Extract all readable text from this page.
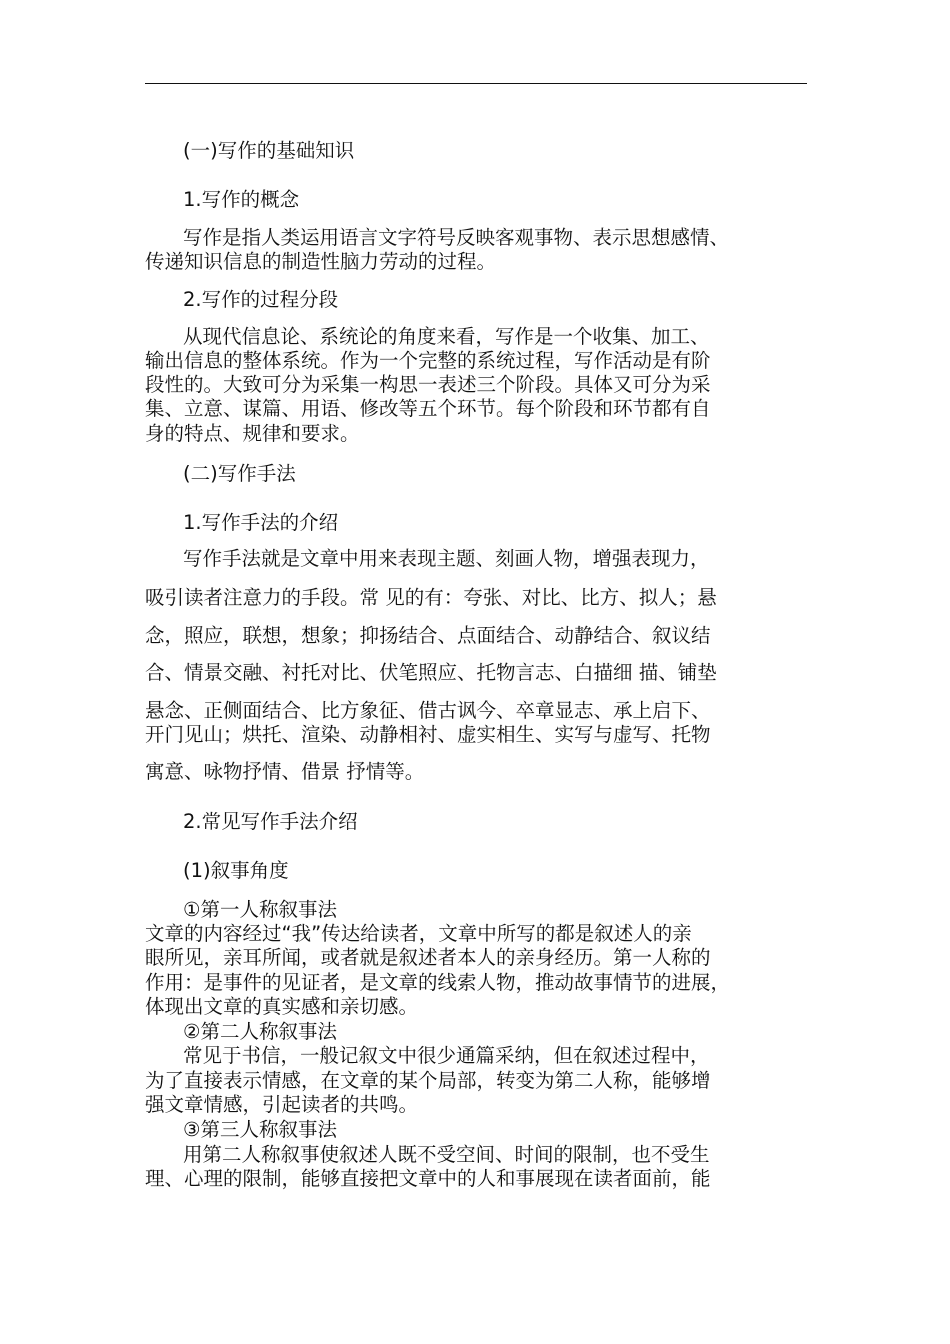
(一)写作的基础知识
1.写作的概念
写作是指人类运用语言文字符号反映客观事物、表示思想感情、
传递知识信息的制造性脑力劳动的过程。
2.写作的过程分段
从现代信息论、系统论的角度来看，写作是一个收集、加工、
输出信息的整体系统。作为一个完整的系统过程，写作活动是有阶
段性的。大致可分为采集一构思一表述三个阶段。具体又可分为采
集、立意、谋篇、用语、修改等五个环节。每个阶段和环节都有自
身的特点、规律和要求。
(二)写作手法
1.写作手法的介绍
写作手法就是文章中用来表现主题、刻画人物，增强表现力，
吸引读者注意力的手段。常 见的有：夸张、对比、比方、拟人；悬
念，照应，联想，想象；抑扬结合、点面结合、动静结合、叙议结
合、情景交融、衬托对比、伏笔照应、托物言志、白描细 描、铺垫
悬念、正侧面结合、比方象征、借古讽今、卒章显志、承上启下、
开门见山；烘托、渲染、动静相衬、虚实相生、实写与虚写、托物
寓意、咏物抒情、借景 抒情等。
2.常见写作手法介绍
(1)叙事角度
①第一人称叙事法
文章的内容经过“我”传达给读者，文章中所写的都是叙述人的亲
眼所见，亲耳所闻，或者就是叙述者本人的亲身经历。第一人称的
作用：是事件的见证者，是文章的线索人物，推动故事情节的进展，
体现出文章的真实感和亲切感。
②第二人称叙事法
常见于书信，一般记叙文中很少通篇采纳，但在叙述过程中，
为了直接表示情感，在文章的某个局部，转变为第二人称，能够增
强文章情感，引起读者的共鸣。
③第三人称叙事法
用第二人称叙事使叙述人既不受空间、时间的限制，也不受生
理、心理的限制，能够直接把文章中的人和事展现在读者面前，能
